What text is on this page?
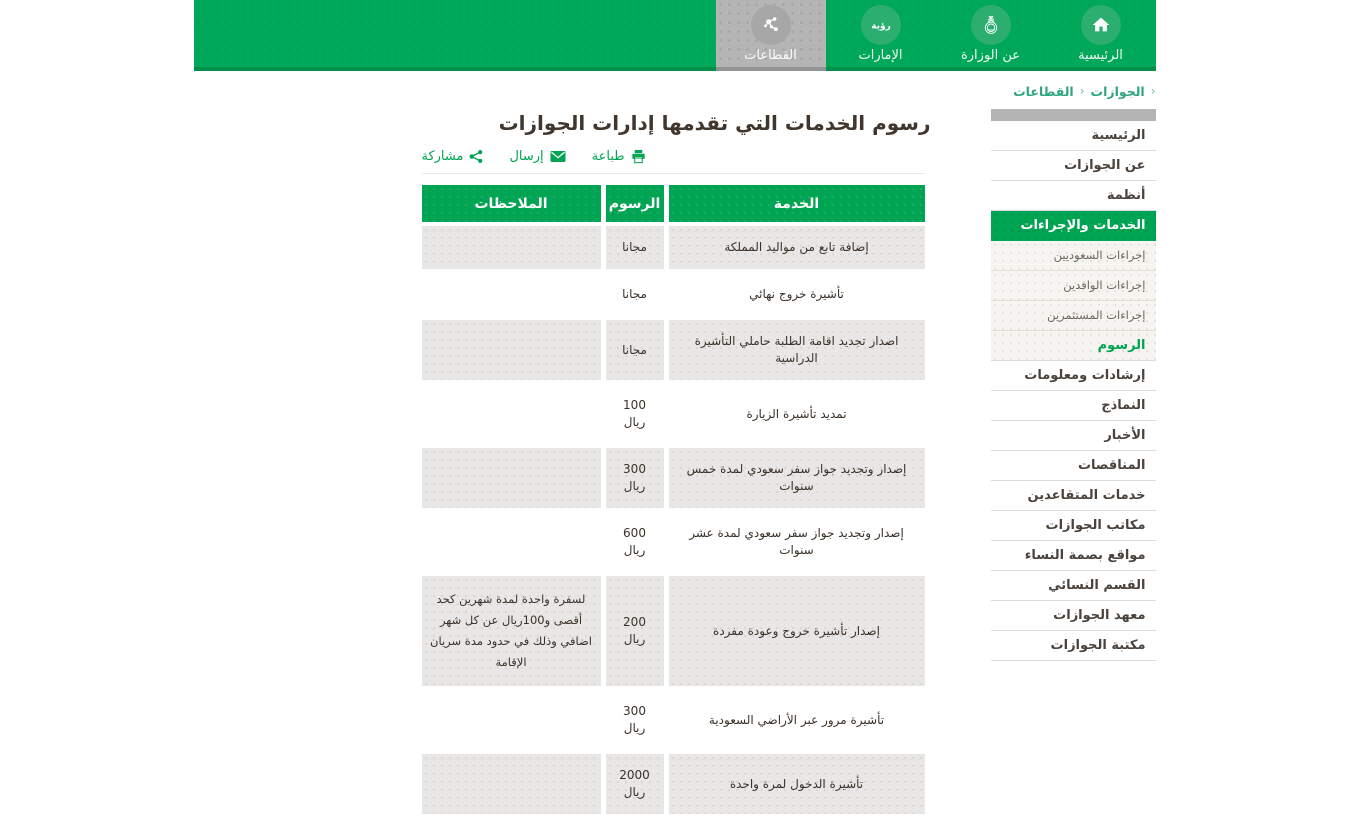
الرئيسية
عن الوزارة
رؤية
الإمارات
القطاعات
القطاعات › الجوازات ›
الرئيسية
عن الجوازات
أنظمة
الخدمات والإجراءات
إجراءات السعوديين
إجراءات الوافدين
إجراءات المستثمرين
الرسوم
إرشادات ومعلومات
النماذج
الأخبار
المناقصات
خدمات المتقاعدين
مكاتب الجوازات
مواقع بصمة النساء
القسم النسائي
معهد الجوازات
مكتبة الجوازات
رسوم الخدمات التي تقدمها إدارات الجوازات
طباعة
إرسال
مشاركة
الخدمة	الرسوم	الملاحظات
إضافة تابع من مواليد المملكة	مجانا	
تأشيرة خروج نهائي	مجانا	
اصدار تجديد اقامة الطلبة حاملي التأشيرة الدراسية	مجانا	
تمديد تأشيرة الزيارة	100 ريال	
إصدار وتجديد جواز سفر سعودي لمدة خمس سنوات	300 ريال	
إصدار وتجديد جواز سفر سعودي لمدة عشر سنوات	600 ريال	
إصدار تأشيرة خروج وعودة مفردة	200 ريال	لسفرة واحدة لمدة شهرين كحد أقصى و100ريال عن كل شهر اضافي وذلك في حدود مدة سريان الإقامة
تأشيرة مرور عبر الأراضي السعودية	300 ريال	
تأشيرة الدخول لمرة واحدة	2000 ريال	
